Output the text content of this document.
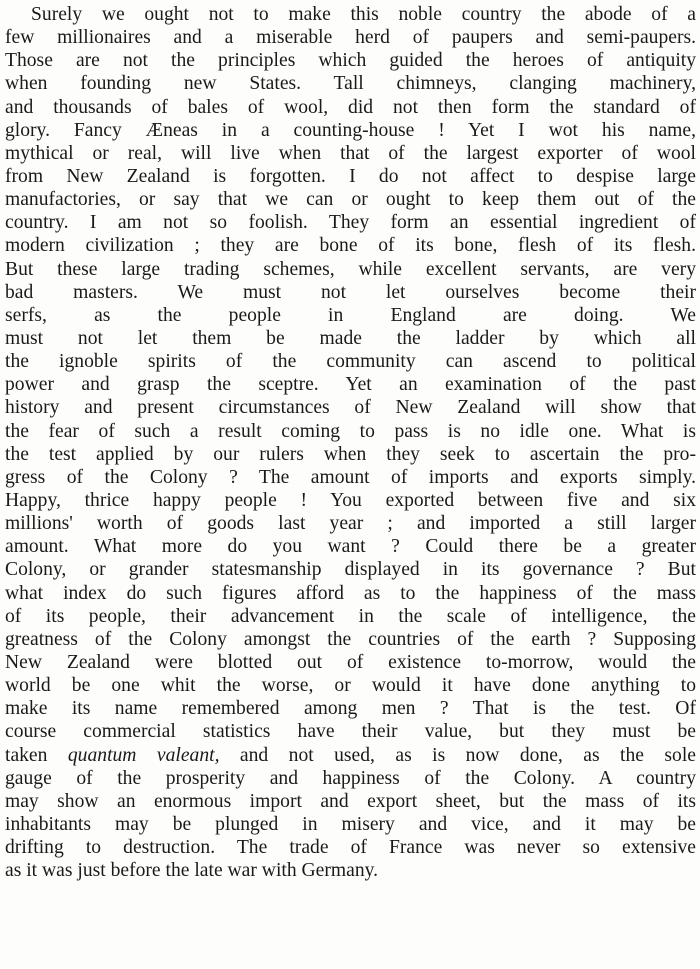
Surely we ought not to make this noble country the abode of a
few millionaires and a miserable herd of paupers and semi-paupers.
Those are not the principles which guided the heroes of antiquity
when founding new States. Tall chimneys, clanging machinery,
and thousands of bales of wool, did not then form the standard of
glory. Fancy Æneas in a counting-house ! Yet I wot his name,
mythical or real, will live when that of the largest exporter of wool
from New Zealand is forgotten. I do not affect to despise large
manufactories, or say that we can or ought to keep them out of the
country. I am not so foolish. They form an essential ingredient of
modern civilization ; they are bone of its bone, flesh of its flesh.
But these large trading schemes, while excellent servants, are very
bad masters. We must not let ourselves become their
serfs, as the people in England are doing. We
must not let them be made the ladder by which all
the ignoble spirits of the community can ascend to political
power and grasp the sceptre. Yet an examination of the past
history and present circumstances of New Zealand will show that
the fear of such a result coming to pass is no idle one. What is
the test applied by our rulers when they seek to ascertain the pro-
gress of the Colony ? The amount of imports and exports simply.
Happy, thrice happy people ! You exported between five and six
millions' worth of goods last year ; and imported a still larger
amount. What more do you want ? Could there be a greater
Colony, or grander statesmanship displayed in its governance ? But
what index do such figures afford as to the happiness of the mass
of its people, their advancement in the scale of intelligence, the
greatness of the Colony amongst the countries of the earth ? Supposing
New Zealand were blotted out of existence to-morrow, would the
world be one whit the worse, or would it have done anything to
make its name remembered among men ? That is the test. Of
course commercial statistics have their value, but they must be
taken quantum valeant, and not used, as is now done, as the sole
gauge of the prosperity and happiness of the Colony. A country
may show an enormous import and export sheet, but the mass of its
inhabitants may be plunged in misery and vice, and it may be
drifting to destruction. The trade of France was never so extensive
as it was just before the late war with Germany.
